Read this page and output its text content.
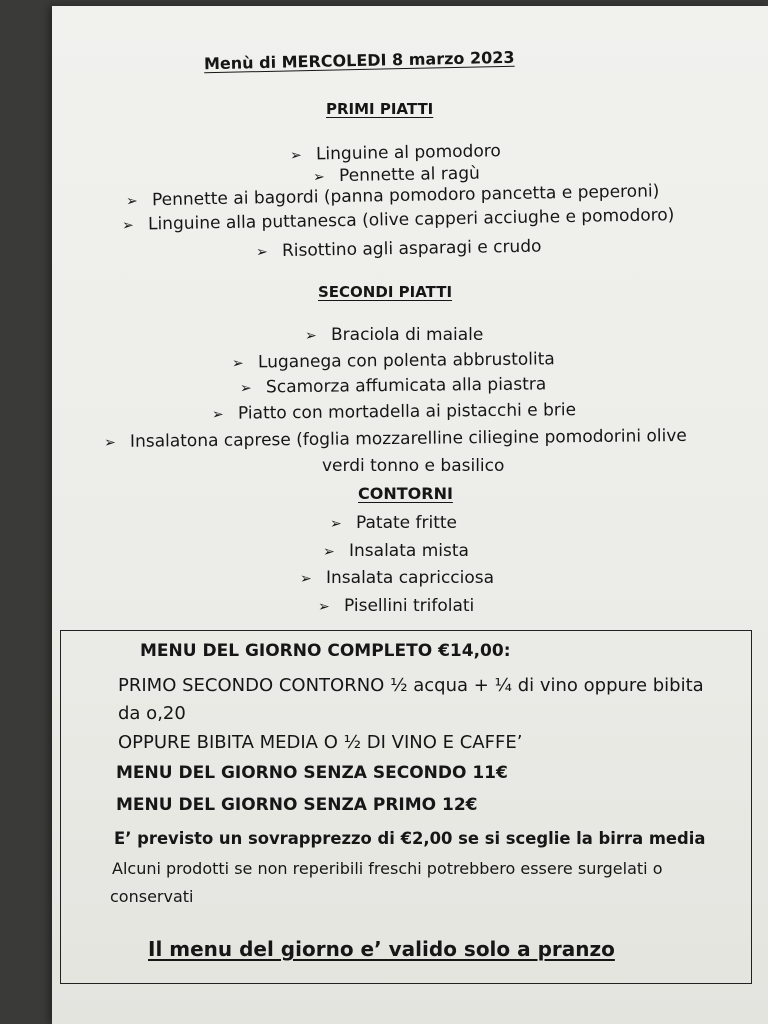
Menù di MERCOLEDI 8 marzo 2023
PRIMI PIATTI
➢ Linguine al pomodoro
➢ Pennette al ragù
➢ Pennette ai bagordi (panna pomodoro pancetta e peperoni)
➢ Linguine alla puttanesca (olive capperi acciughe e pomodoro)
➢ Risottino agli asparagi e crudo
SECONDI PIATTI
➢ Braciola di maiale
➢ Luganega con polenta abbrustolita
➢ Scamorza affumicata alla piastra
➢ Piatto con mortadella ai pistacchi e brie
➢ Insalatona caprese (foglia mozzarelline ciliegine pomodorini olive
verdi tonno e basilico
CONTORNI
➢ Patate fritte
➢ Insalata mista
➢ Insalata capricciosa
➢ Pisellini trifolati
MENU DEL GIORNO COMPLETO €14,00:
PRIMO SECONDO CONTORNO ½ acqua + ¼ di vino oppure bibita
da o,20
OPPURE BIBITA MEDIA O ½ DI VINO E CAFFE’
MENU DEL GIORNO SENZA SECONDO 11€
MENU DEL GIORNO SENZA PRIMO 12€
E’ previsto un sovrapprezzo di €2,00 se si sceglie la birra media
Alcuni prodotti se non reperibili freschi potrebbero essere surgelati o
conservati
Il menu del giorno e’ valido solo a pranzo
